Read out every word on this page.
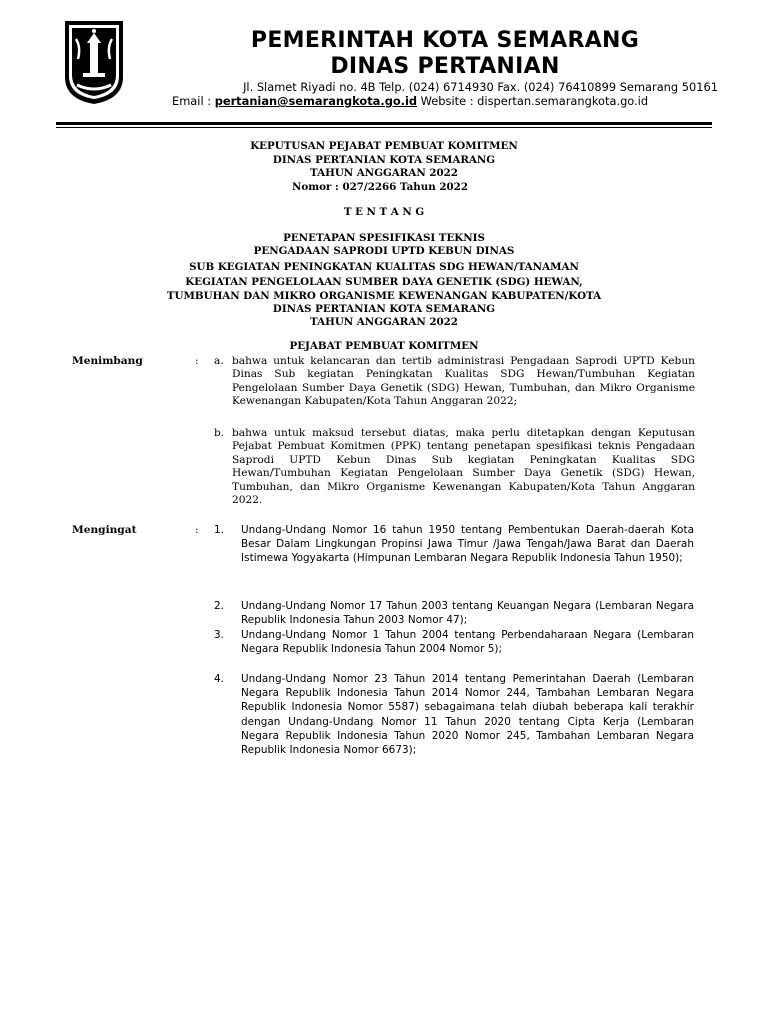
PEMERINTAH KOTA SEMARANG
DINAS PERTANIAN
Jl. Slamet Riyadi no. 4B Telp. (024) 6714930 Fax. (024) 76410899 Semarang 50161
Email : pertanian@semarangkota.go.id Website : dispertan.semarangkota.go.id
KEPUTUSAN PEJABAT PEMBUAT KOMITMEN
DINAS PERTANIAN KOTA SEMARANG
TAHUN ANGGARAN 2022
Nomor : 027/2266 Tahun 2022
T E N T A N G
PENETAPAN SPESIFIKASI TEKNIS
PENGADAAN SAPRODI UPTD KEBUN DINAS
SUB KEGIATAN PENINGKATAN KUALITAS SDG HEWAN/TANAMAN
KEGIATAN PENGELOLAAN SUMBER DAYA GENETIK (SDG) HEWAN,
TUMBUHAN DAN MIKRO ORGANISME KEWENANGAN KABUPATEN/KOTA
DINAS PERTANIAN KOTA SEMARANG
TAHUN ANGGARAN 2022
PEJABAT PEMBUAT KOMITMEN
Menimbang	: a. bahwa untuk kelancaran dan tertib administrasi Pengadaan Saprodi UPTD Kebun Dinas Sub kegiatan Peningkatan Kualitas SDG Hewan/Tumbuhan Kegiatan Pengelolaan Sumber Daya Genetik (SDG) Hewan, Tumbuhan, dan Mikro Organisme Kewenangan Kabupaten/Kota Tahun Anggaran 2022;
b. bahwa untuk maksud tersebut diatas, maka perlu ditetapkan dengan Keputusan Pejabat Pembuat Komitmen (PPK) tentang penetapan spesifikasi teknis Pengadaan Saprodi UPTD Kebun Dinas Sub kegiatan Peningkatan Kualitas SDG Hewan/Tumbuhan Kegiatan Pengelolaan Sumber Daya Genetik (SDG) Hewan, Tumbuhan, dan Mikro Organisme Kewenangan Kabupaten/Kota Tahun Anggaran 2022.
Mengingat	: 1. Undang-Undang Nomor 16 tahun 1950 tentang Pembentukan Daerah-daerah Kota Besar Dalam Lingkungan Propinsi Jawa Timur /Jawa Tengah/Jawa Barat dan Daerah Istimewa Yogyakarta (Himpunan Lembaran Negara Republik Indonesia Tahun 1950);
2. Undang-Undang Nomor 17 Tahun 2003 tentang Keuangan Negara (Lembaran Negara Republik Indonesia Tahun 2003 Nomor 47);
3. Undang-Undang Nomor 1 Tahun 2004 tentang Perbendaharaan Negara (Lembaran Negara Republik Indonesia Tahun 2004 Nomor 5);
4. Undang-Undang Nomor 23 Tahun 2014 tentang Pemerintahan Daerah (Lembaran Negara Republik Indonesia Tahun 2014 Nomor 244, Tambahan Lembaran Negara Republik Indonesia Nomor 5587) sebagaimana telah diubah beberapa kali terakhir dengan Undang-Undang Nomor 11 Tahun 2020 tentang Cipta Kerja (Lembaran Negara Republik Indonesia Tahun 2020 Nomor 245, Tambahan Lembaran Negara Republik Indonesia Nomor 6673);
